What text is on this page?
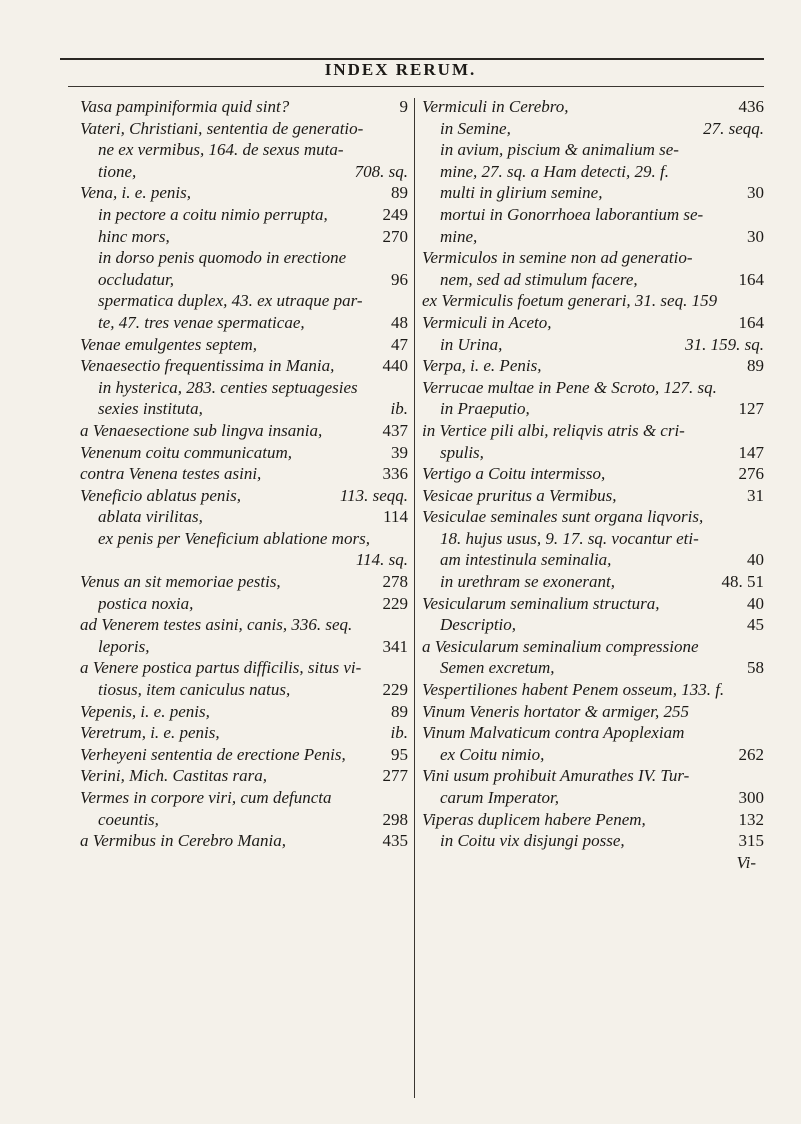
INDEX RERUM.
Vasa pampiniformia quid sint?	9
Vateri, Christiani, sententia de generatio-
ne ex vermibus, 164. de sexus muta-
tione,	708. sq.
Vena, i. e. penis,	89
in pectore a coitu nimio perrupta,	249
hinc mors,	270
in dorso penis quomodo in erectione
occludatur,	96
spermatica duplex, 43. ex utraque par-
te, 47. tres venae spermaticae,	48
Venae emulgentes septem,	47
Venaesectio frequentissima in Mania,	440
in hysterica, 283. centies septuagesies
sexies instituta,	ib.
a Venaesectione sub lingva insania,	437
Venenum coitu communicatum,	39
contra Venena testes asini,	336
Veneficio ablatus penis,	113. seqq.
ablata virilitas,	114
ex penis per Veneficium ablatione mors,
114. sq.
Venus an sit memoriae pestis,	278
postica noxia,	229
ad Venerem testes asini, canis, 336. seq.
leporis,	341
a Venere postica partus difficilis, situs vi-
tiosus, item caniculus natus,	229
Vepenis, i. e. penis,	89
Veretrum, i. e. penis,	ib.
Verheyeni sententia de erectione Penis,	95
Verini, Mich. Castitas rara,	277
Vermes in corpore viri, cum defuncta
coeuntis,	298
a Vermibus in Cerebro Mania,	435
Vermiculi in Cerebro,	436
in Semine,	27. seqq.
in avium, piscium & animalium se-
mine, 27. sq. a Ham detecti, 29. f.
multi in glirium semine,	30
mortui in Gonorrhoea laborantium se-
mine,	30
Vermiculos in semine non ad generatio-
nem, sed ad stimulum facere,	164
ex Vermiculis foetum generari, 31. seq. 159
Vermiculi in Aceto,	164
in Urina,	31. 159. sq.
Verpa, i. e. Penis,	89
Verrucae multae in Pene & Scroto, 127. sq.
in Praeputio,	127
in Vertice pili albi, reliqvis atris & cri-
spulis,	147
Vertigo a Coitu intermisso,	276
Vesicae pruritus a Vermibus,	31
Vesiculae seminales sunt organa liqvoris,
18. hujus usus, 9. 17. sq. vocantur eti-
am intestinula seminalia,	40
in urethram se exonerant,	48. 51
Vesicularum seminalium structura,	40
Descriptio,	45
a Vesicularum seminalium compressione
Semen excretum,	58
Vespertiliones habent Penem osseum, 133. f.
Vinum Veneris hortator & armiger, 255
Vinum Malvaticum contra Apoplexiam
ex Coitu nimio,	262
Vini usum prohibuit Amurathes IV. Tur-
carum Imperator,	300
Viperas duplicem habere Penem,	132
in Coitu vix disjungi posse,	315
Vi-
